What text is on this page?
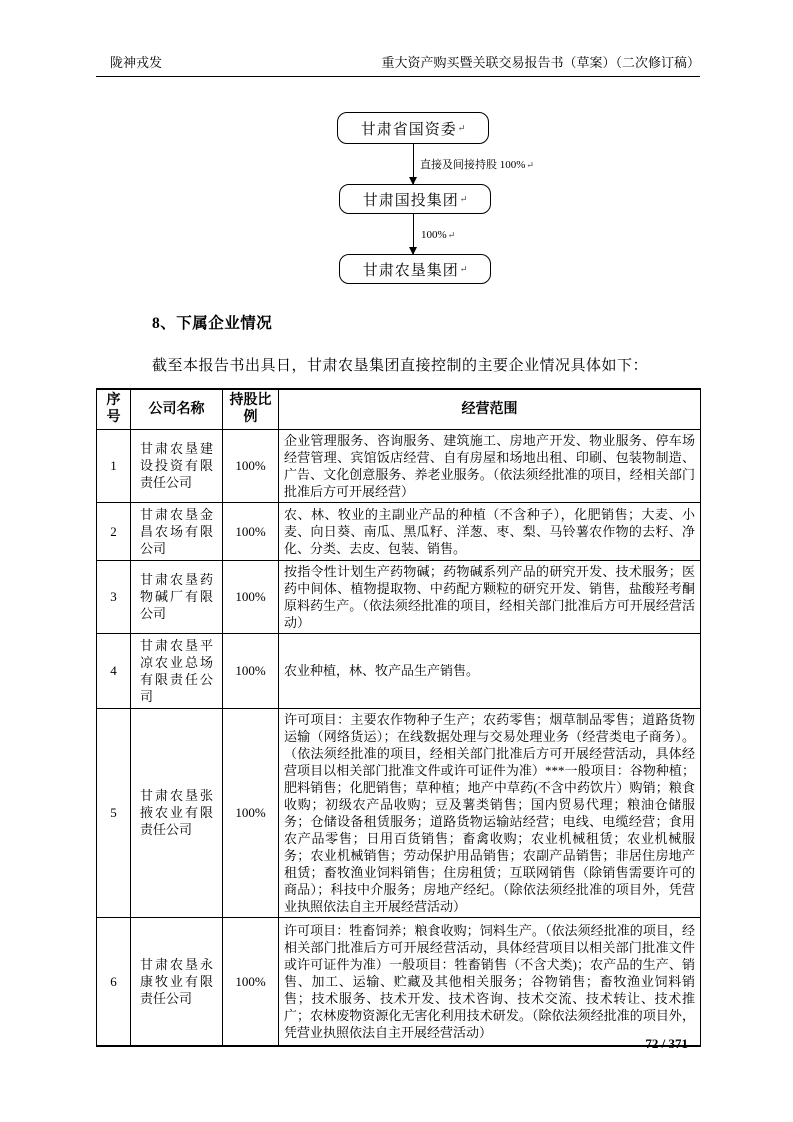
陇神戎发	重大资产购买暨关联交易报告书（草案）（二次修订稿）
甘肃省国资委 ↵
直接及间接持股 100%↵
甘肃国投集团 ↵
100%↵
甘肃农垦集团 ↵
8、下属企业情况
截至本报告书出具日，甘肃农垦集团直接控制的主要企业情况具体如下：
序号	公司名称	持股比例	经营范围
1	甘肃农垦建设投资有限责任公司	100%	企业管理服务、咨询服务、建筑施工、房地产开发、物业服务、停车场经营管理、宾馆饭店经营、自有房屋和场地出租、印刷、包装物制造、广告、文化创意服务、养老业服务。（依法须经批准的项目，经相关部门批准后方可开展经营）
2	甘肃农垦金昌农场有限公司	100%	农、林、牧业的主副业产品的种植（不含种子），化肥销售；大麦、小麦、向日葵、南瓜、黑瓜籽、洋葱、枣、梨、马铃薯农作物的去籽、净化、分类、去皮、包装、销售。
3	甘肃农垦药物碱厂有限公司	100%	按指令性计划生产药物碱；药物碱系列产品的研究开发、技术服务；医药中间体、植物提取物、中药配方颗粒的研究开发、销售，盐酸羟考酮原料药生产。（依法须经批准的项目，经相关部门批准后方可开展经营活动）
4	甘肃农垦平凉农业总场有限责任公司	100%	农业种植，林、牧产品生产销售。
5	甘肃农垦张掖农业有限责任公司	100%	许可项目：主要农作物种子生产；农药零售；烟草制品零售；道路货物运输（网络货运）；在线数据处理与交易处理业务（经营类电子商务）。（依法须经批准的项目，经相关部门批准后方可开展经营活动，具体经营项目以相关部门批准文件或许可证件为准）***一般项目：谷物种植；肥料销售；化肥销售；草种植；地产中草药(不含中药饮片）购销；粮食收购；初级农产品收购；豆及薯类销售；国内贸易代理；粮油仓储服务；仓储设备租赁服务；道路货物运输站经营；电线、电缆经营；食用农产品零售；日用百货销售；畜禽收购；农业机械租赁；农业机械服务；农业机械销售；劳动保护用品销售；农副产品销售；非居住房地产租赁；畜牧渔业饲料销售；住房租赁；互联网销售（除销售需要许可的商品）；科技中介服务；房地产经纪。（除依法须经批准的项目外，凭营业执照依法自主开展经营活动）
6	甘肃农垦永康牧业有限责任公司	100%	许可项目：牲畜饲养；粮食收购；饲料生产。（依法须经批准的项目，经相关部门批准后方可开展经营活动，具体经营项目以相关部门批准文件或许可证件为准）一般项目：牲畜销售（不含犬类)；农产品的生产、销售、加工、运输、贮藏及其他相关服务；谷物销售；畜牧渔业饲料销售；技术服务、技术开发、技术咨询、技术交流、技术转让、技术推广；农林废物资源化无害化利用技术研发。（除依法须经批准的项目外，凭营业执照依法自主开展经营活动）
72 / 371
